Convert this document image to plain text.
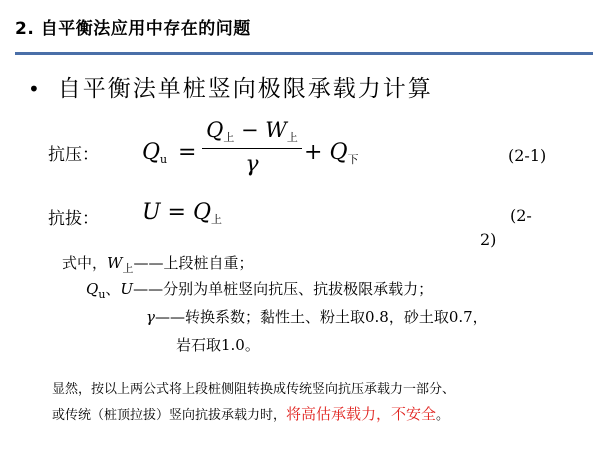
2. 自平衡法应用中存在的问题
• 自平衡法单桩竖向极限承载力计算
抗压： $Q_u$ =
$Q_上 - W_上$
γ	+ $Q_下$	(2-1)
抗拔： $U = Q_上$	(2-
2)
式中，$W_上——$上段桩自重；
$Q_u$、U——分别为单桩竖向抗压、抗拔极限承载力；
γ——转换系数；黏性土、粉土取0.8，砂土取0.7，
岩石取1.0。
显然，按以上两公式将上段桩侧阻转换成传统竖向抗压承载力一部分、
或传统（桩顶拉拔）竖向抗拔承载力时，将高估承载力，不安全。
